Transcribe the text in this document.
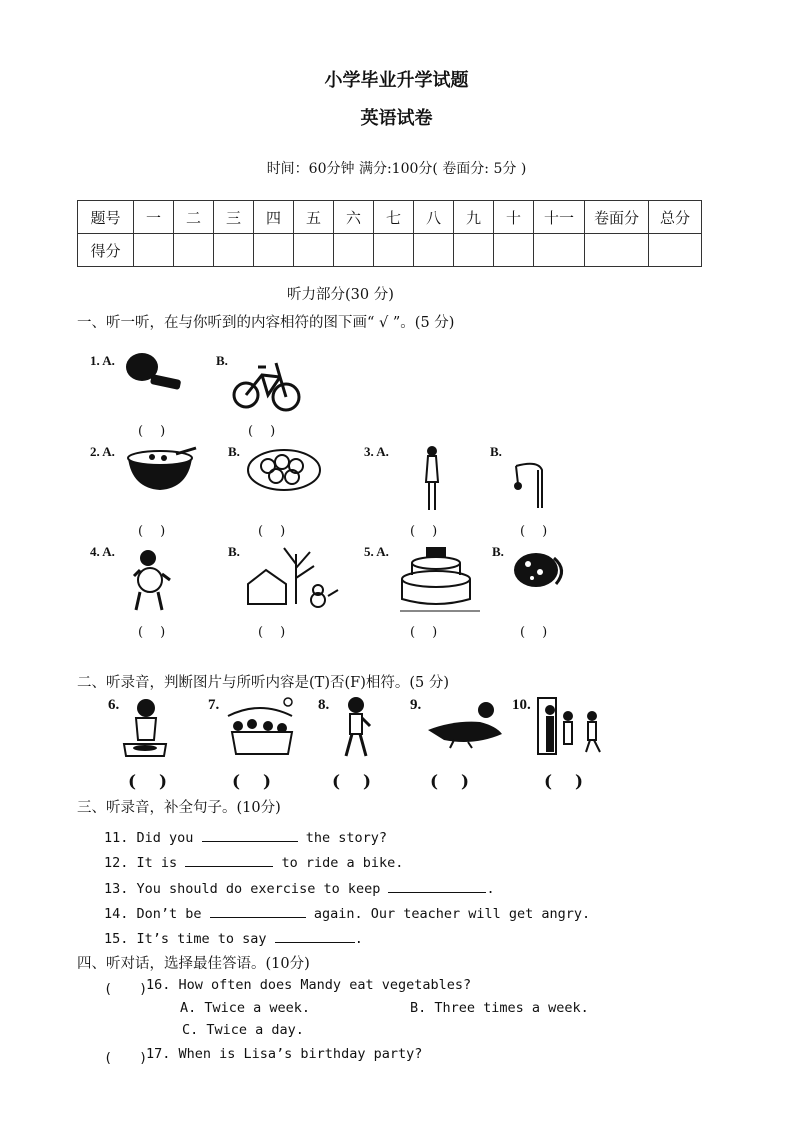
小学毕业升学试题
英语试卷
时间：60分钟 满分:100分( 卷面分: 5分 )
题号	一	二	三	四	五	六	七	八	九	十	十一	卷面分	总分
得分													
听力部分(30 分)
一、听一听，在与你听到的内容相符的图下画“ √ ”。(5 分)
1. A.	B.
(　)	(　)
2. A.	B.	3. A.	B.
(　)	(　)	(　)	(　)
4. A.	B.	5. A.	B.
(　)	(　)	(　)	(　)
二、听录音，判断图片与所听内容是(T)否(F)相符。(5 分)
6.	7.	8.	9.	10.
(　)	(　)	(　)	(　)	(　)
三、听录音，补全句子。(10分)
11. Did you	the story?
12. It is	to ride a bike.
13. You should do exercise to keep	.
14. Don’t be	again. Our teacher will get angry.
15. It’s time to say	.
四、听对话，选择最佳答语。(10分)
(　　)
16. How often does Mandy eat vegetables?
A. Twice a week.	B. Three times a week.
C. Twice a day.
(　　)
17. When is Lisa’s birthday party?
